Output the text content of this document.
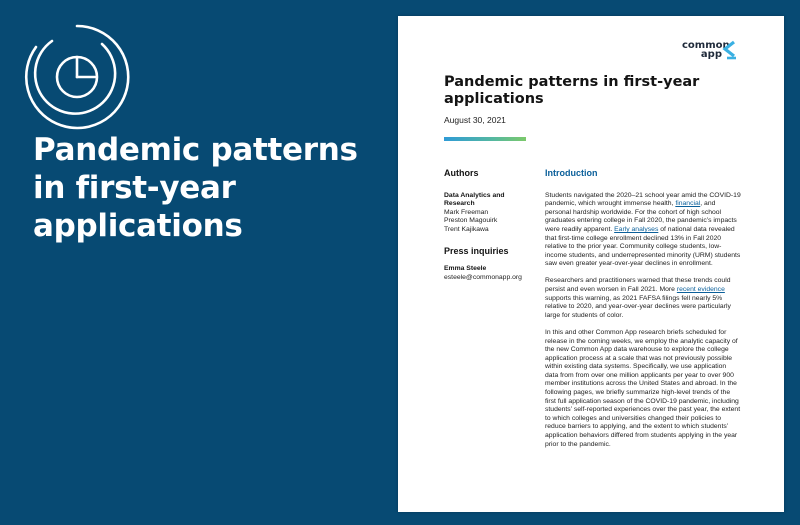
Pandemic patterns in first-year applications
common
app
Pandemic patterns in first-year applications
August 30, 2021
Authors
Data Analytics and
Research
Mark Freeman
Preston Magouirk
Trent Kajikawa
Press inquiries
Emma Steele
esteele@commonapp.org
Introduction

Students navigated the 2020–21 school year amid the COVID-19 pandemic, which wrought immense health, financial, and personal hardship worldwide. For the cohort of high school graduates entering college in Fall 2020, the pandemic’s impacts were readily apparent. Early analyses of national data revealed that first-time college enrollment declined 13% in Fall 2020 relative to the prior year. Community college students, low-income students, and underrepresented minority (URM) students saw even greater year-over-year declines in enrollment.

Researchers and practitioners warned that these trends could persist and even worsen in Fall 2021. More recent evidence supports this warning, as 2021 FAFSA filings fell nearly 5% relative to 2020, and year-over-year declines were particularly large for students of color.

In this and other Common App research briefs scheduled for release in the coming weeks, we employ the analytic capacity of the new Common App data warehouse to explore the college application process at a scale that was not previously possible within existing data systems. Specifically, we use application data from from over one million applicants per year to over 900 member institutions across the United States and abroad. In the following pages, we briefly summarize high-level trends of the first full application season of the COVID-19 pandemic, including students’ self-reported experiences over the past year, the extent to which colleges and universities changed their policies to reduce barriers to applying, and the extent to which students’ application behaviors differed from students applying in the year prior to the pandemic.
